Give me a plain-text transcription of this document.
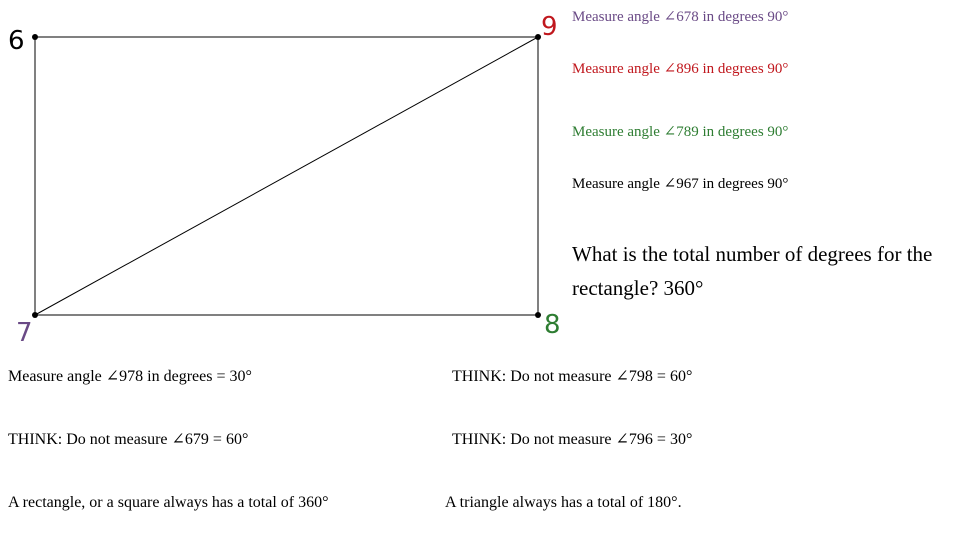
6	9
7	8
Measure angle ∠678 in degrees 90°
Measure angle ∠896 in degrees 90°
Measure angle ∠789 in degrees 90°
Measure angle ∠967 in degrees 90°
What is the total number of degrees for the rectangle? 360°
Measure angle ∠978 in degrees = 30°	THINK: Do not measure ∠798 = 60°
THINK: Do not measure ∠679 = 60°	THINK: Do not measure ∠796 = 30°
A rectangle, or a square always has a total of 360°	A triangle always has a total of 180°.
